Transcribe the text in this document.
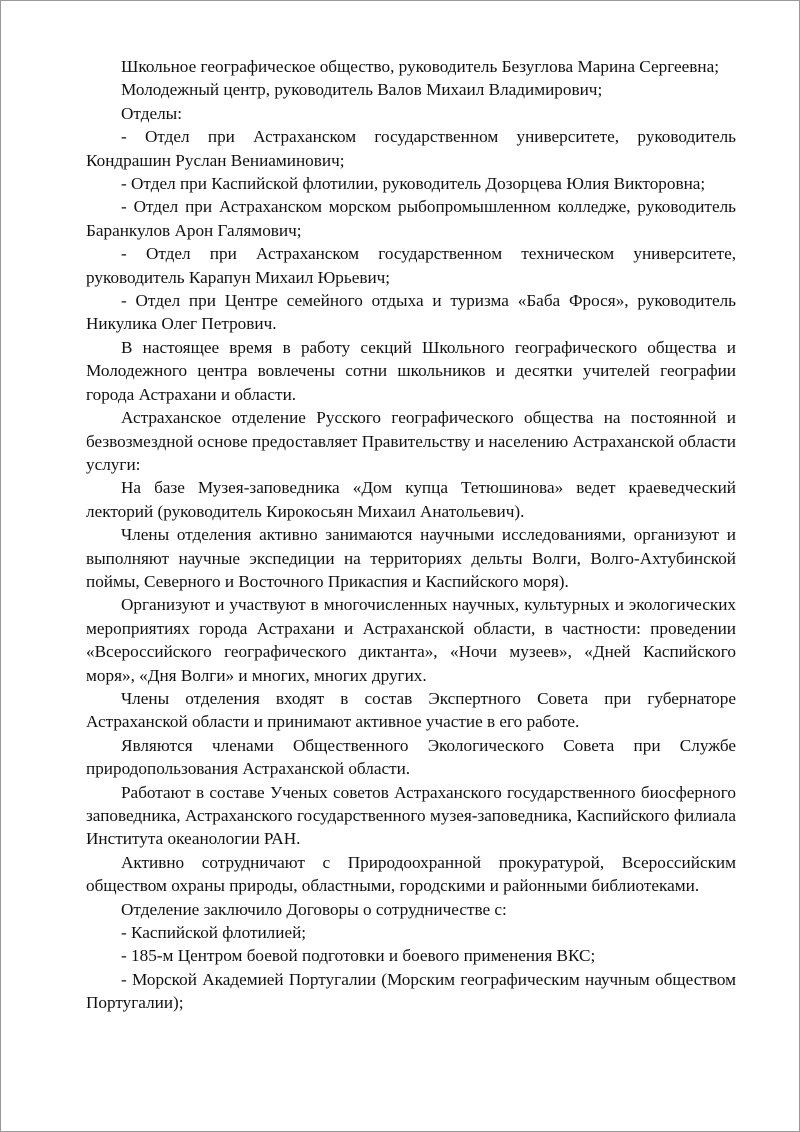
Школьное географическое общество, руководитель Безуглова Марина Сергеевна;

Молодежный центр, руководитель Валов Михаил Владимирович;

Отделы:

- Отдел при Астраханском государственном университете, руководитель Кондрашин Руслан Вениаминович;

- Отдел при Каспийской флотилии, руководитель Дозорцева Юлия Викторовна;

- Отдел при Астраханском морском рыбопромышленном колледже, руководитель Баранкулов Арон Галямович;

- Отдел при Астраханском государственном техническом университете, руководитель Карапун Михаил Юрьевич;

- Отдел при Центре семейного отдыха и туризма «Баба Фрося», руководитель Никулика Олег Петрович.

В настоящее время в работу секций Школьного географического общества и Молодежного центра вовлечены сотни школьников и десятки учителей географии города Астрахани и области.

Астраханское отделение Русского географического общества на постоянной и безвозмездной основе предоставляет Правительству и населению Астраханской области услуги:

На базе Музея-заповедника «Дом купца Тетюшинова» ведет краеведческий лекторий (руководитель Кирокосьян Михаил Анатольевич).

Члены отделения активно занимаются научными исследованиями, организуют и выполняют научные экспедиции на территориях дельты Волги, Волго-Ахтубинской поймы, Северного и Восточного Прикаспия и Каспийского моря).

Организуют и участвуют в многочисленных научных, культурных и экологических мероприятиях города Астрахани и Астраханской области, в частности: проведении «Всероссийского географического диктанта», «Ночи музеев», «Дней Каспийского моря», «Дня Волги» и многих, многих других.

Члены отделения входят в состав Экспертного Совета при губернаторе Астраханской области и принимают активное участие в его работе.

Являются членами Общественного Экологического Совета при Службе природопользования Астраханской области.

Работают в составе Ученых советов Астраханского государственного биосферного заповедника, Астраханского государственного музея-заповедника, Каспийского филиала Института океанологии РАН.

Активно сотрудничают с Природоохранной прокуратурой, Всероссийским обществом охраны природы, областными, городскими и районными библиотеками.

Отделение заключило Договоры о сотрудничестве с:

- Каспийской флотилией;

- 185-м Центром боевой подготовки и боевого применения ВКС;

- Морской Академией Португалии (Морским географическим научным обществом Португалии);
